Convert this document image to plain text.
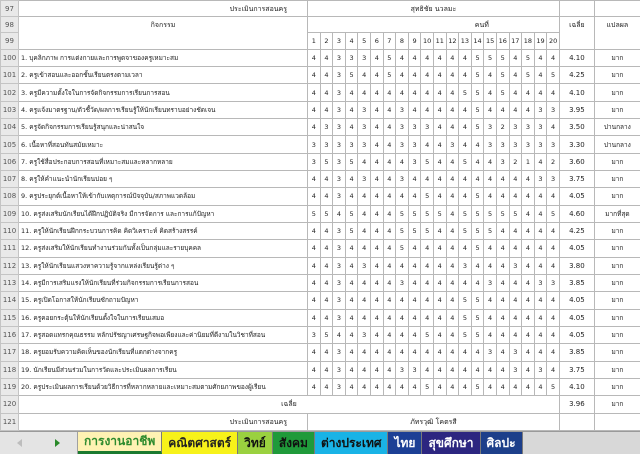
97	ประเมินการสอนครู	สุทธิชัย นวลมะ																					
98	กิจกรรม	คนที่																				เฉลี่ย	แปลผล
99		1	2	3	4	5	6	7	8	9	10	11	12	13	14	15	16	17	18	19	20		
100	1. บุคลิกภาพ การแต่งกายและการพูดจาของครูเหมาะสม	4	4	3	3	3	4	5	4	4	4	4	4	4	5	5	5	4	5	4	4	4.10	มาก
101	2. ครูเข้าสอนและออกชั้นเรียนตรงตามเวลา	4	4	3	5	4	4	5	4	4	4	4	4	4	5	4	5	4	5	4	5	4.25	มาก
102	3. ครูมีความตั้งใจในการจัดกิจกรรมการเรียนการสอน	4	4	3	4	4	4	4	4	4	4	4	4	5	5	4	5	4	4	4	4	4.10	มาก
103	4. ครูแจ้งมาตรฐาน/ตัวชี้วัด/ผลการเรียนรู้ให้นักเรียนทราบอย่างชัดเจน	4	4	3	4	3	4	4	3	4	4	4	4	4	5	4	4	4	4	3	3	3.95	มาก
104	5. ครูจัดกิจกรรมการเรียนรู้สนุกและน่าสนใจ	4	3	3	4	3	4	4	3	3	3	4	4	4	5	3	2	3	3	3	4	3.50	ปานกลาง
105	6. เนื้อหาที่สอนทันสมัยเหมาะ	3	3	3	3	3	4	4	3	3	4	4	3	4	4	3	3	3	3	3	3	3.30	ปานกลาง
106	7. ครูใช้สื่อประกอบการสอนที่เหมาะสมและหลากหลาย	3	5	3	5	4	4	4	4	3	5	4	4	5	4	4	3	2	1	4	2	3.60	มาก
107	8. ครูให้คำแนะนำนักเรียนบ่อย ๆ	4	4	3	4	3	4	4	3	4	4	4	4	4	4	4	4	4	4	3	3	3.75	มาก
108	9. ครูประยุกต์เนื้อหาให้เข้ากับเหตุการณ์ปัจจุบัน/สภาพแวดล้อม	4	4	3	4	4	4	4	4	4	5	4	4	4	5	4	4	4	4	4	4	4.05	มาก
109	10. ครูส่งเสริมนักเรียนได้ฝึกปฏิบัติจริง มีการจัดการ และการแก้ปัญหา	5	5	4	5	4	4	4	5	5	5	5	4	5	5	5	5	5	4	4	5	4.60	มากที่สุด
110	11. ครูให้นักเรียนฝึกกระบวนการคิด คิดวิเคราะห์ คิดสร้างสรรค์	4	4	3	5	4	4	4	5	5	5	4	4	5	5	5	4	4	4	4	4	4.25	มาก
111	12. ครูส่งเสริมให้นักเรียนทำงานร่วมกันทั้งเป็นกลุ่มและรายบุคคล	4	4	3	4	4	4	4	5	4	4	4	4	4	5	4	4	4	4	4	4	4.05	มาก
112	13. ครูให้นักเรียนแสวงหาความรู้จากแหล่งเรียนรู้ต่าง ๆ	4	4	3	4	3	4	4	4	4	4	4	4	3	4	4	4	3	4	4	4	3.80	มาก
113	14. ครูมีการเสริมแรงให้นักเรียนที่ร่วมกิจกรรมการเรียนการสอน	4	4	3	4	4	4	4	3	4	4	4	4	4	4	3	4	4	4	3	3	3.85	มาก
114	15. ครูเปิดโอกาสให้นักเรียนซักถามปัญหา	4	4	3	4	4	4	4	4	4	4	4	4	5	5	4	4	4	4	4	4	4.05	มาก
115	16. ครูคอยกระตุ้นให้นักเรียนตั้งใจในการเรียนเสมอ	4	4	3	4	4	4	4	4	4	4	4	4	5	5	4	4	4	4	4	4	4.05	มาก
116	17. ครูสอดแทรกคุณธรรม หลักปรัชญาเศรษฐกิจพอเพียงและค่านิยมที่ดีงามในวิชาที่สอน	3	5	4	4	3	4	4	4	4	5	4	4	5	5	4	4	4	4	4	4	4.05	มาก
117	18. ครูยอมรับความคิดเห็นของนักเรียนที่แตกต่างจากครู	4	4	3	4	4	4	4	4	4	4	4	4	4	4	3	4	3	4	4	4	3.85	มาก
118	19. นักเรียนมีส่วนร่วมในการวัดและประเมินผลการเรียน	4	4	3	4	4	4	4	3	3	4	4	4	4	4	4	4	3	4	3	4	3.75	มาก
119	20. ครูประเมินผลการเรียนด้วยวิธีการที่หลากหลายและเหมาะสมตามศักยภาพของผู้เรียน	4	4	3	4	4	4	4	4	4	5	4	4	4	5	4	4	4	4	4	5	4.10	มาก
120	เฉลี่ย																					3.96	มาก
121	ประเมินการสอนครู	ภัทรวุฒิ โคตรสี																					
การงานอาชีพ	คณิตศาสตร์	วิทย์	สังคม	ต่างประเทศ	ไทย	สุขศึกษา	ศิลปะ
